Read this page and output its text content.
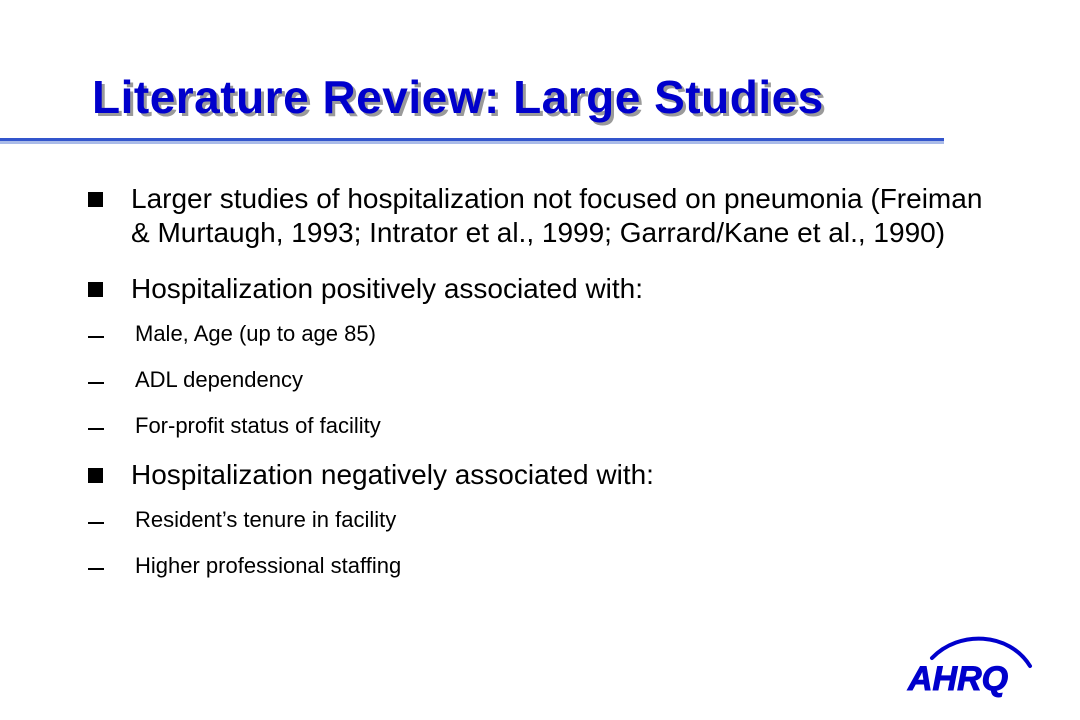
Literature Review: Large Studies
Larger studies of hospitalization not focused on pneumonia (Freiman & Murtaugh, 1993; Intrator et al., 1999; Garrard/Kane et al., 1990)
Hospitalization positively associated with:
Male, Age (up to age 85)
ADL dependency
For-profit status of facility
Hospitalization negatively associated with:
Resident’s tenure in facility
Higher professional staffing
AHRQ
